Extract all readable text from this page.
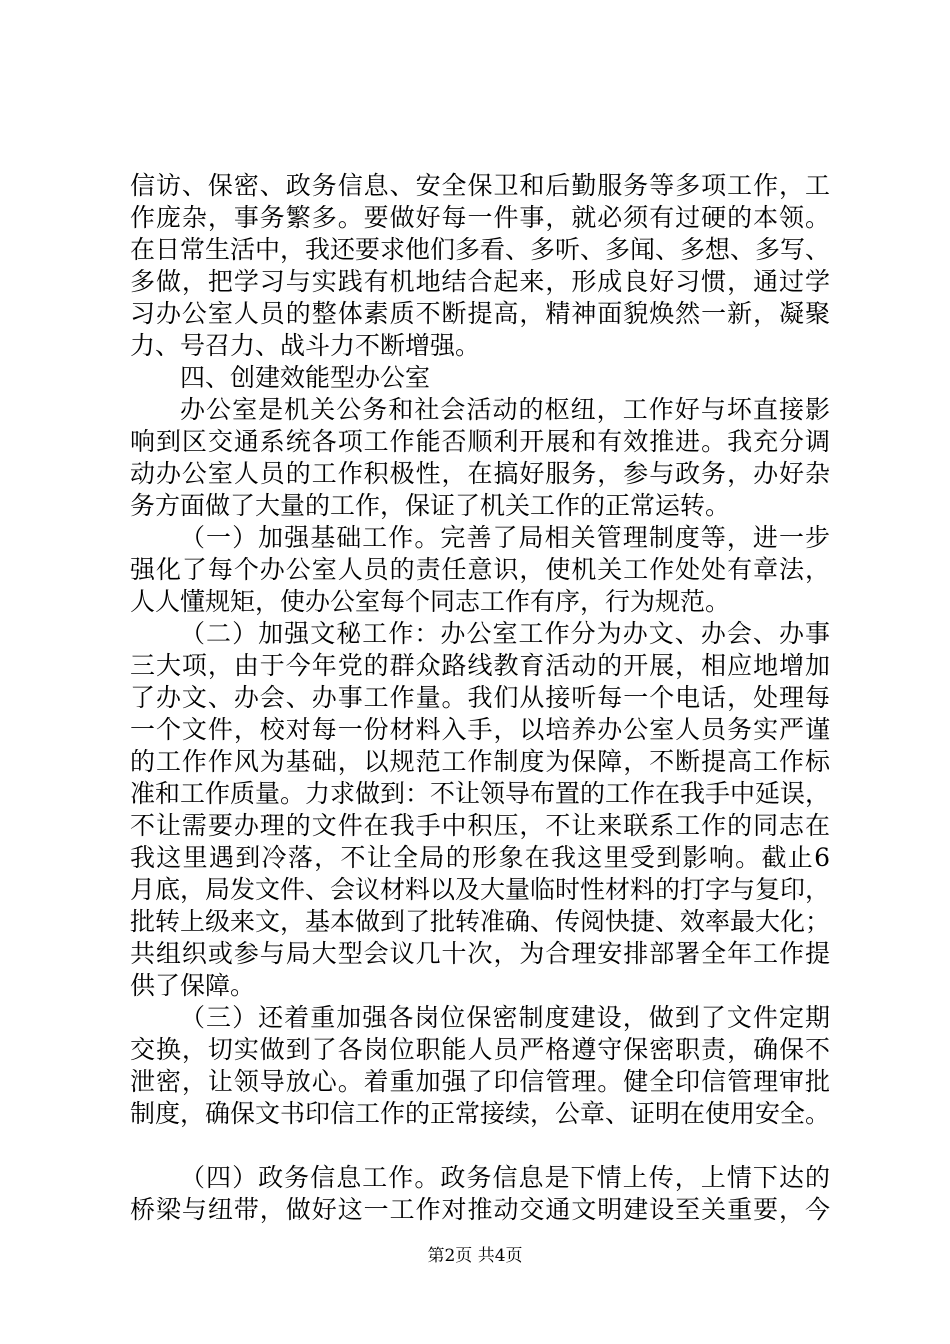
信访、保密、政务信息、安全保卫和后勤服务等多项工作，工
作庞杂，事务繁多。要做好每一件事，就必须有过硬的本领。
在日常生活中，我还要求他们多看、多听、多闻、多想、多写、
多做，把学习与实践有机地结合起来，形成良好习惯，通过学
习办公室人员的整体素质不断提高，精神面貌焕然一新，凝聚
力、号召力、战斗力不断增强。
四、创建效能型办公室
办公室是机关公务和社会活动的枢纽，工作好与坏直接影
响到区交通系统各项工作能否顺利开展和有效推进。我充分调
动办公室人员的工作积极性，在搞好服务，参与政务，办好杂
务方面做了大量的工作，保证了机关工作的正常运转。
（一）加强基础工作。完善了局相关管理制度等，进一步
强化了每个办公室人员的责任意识，使机关工作处处有章法，
人人懂规矩，使办公室每个同志工作有序，行为规范。
（二）加强文秘工作：办公室工作分为办文、办会、办事
三大项，由于今年党的群众路线教育活动的开展，相应地增加
了办文、办会、办事工作量。我们从接听每一个电话，处理每
一个文件，校对每一份材料入手，以培养办公室人员务实严谨
的工作作风为基础，以规范工作制度为保障，不断提高工作标
准和工作质量。力求做到：不让领导布置的工作在我手中延误，
不让需要办理的文件在我手中积压，不让来联系工作的同志在
我这里遇到冷落，不让全局的形象在我这里受到影响。截止6
月底，局发文件、会议材料以及大量临时性材料的打字与复印，
批转上级来文，基本做到了批转准确、传阅快捷、效率最大化；
共组织或参与局大型会议几十次，为合理安排部署全年工作提
供了保障。
（三）还着重加强各岗位保密制度建设，做到了文件定期
交换，切实做到了各岗位职能人员严格遵守保密职责，确保不
泄密，让领导放心。着重加强了印信管理。健全印信管理审批
制度，确保文书印信工作的正常接续，公章、证明在使用安全。
（四）政务信息工作。政务信息是下情上传，上情下达的
桥梁与纽带，做好这一工作对推动交通文明建设至关重要，今
第2页 共4页
